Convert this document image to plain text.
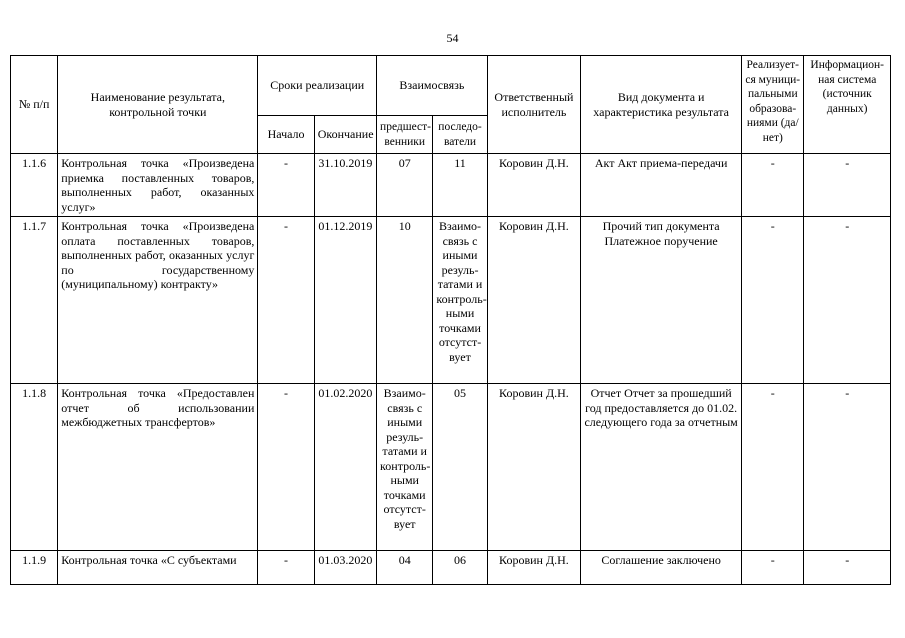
54
№ п/п	Наименование результата, контрольной точки	Сроки реализации		Взаимосвязь		Ответственный исполнитель	Вид документа и характеристика результата	Реализует-ся муници-пальными образова-ниями (да/нет)	Информацион-ная система (источник данных)
		Начало	Окончание	предшест-венники	последо-ватели				
1.1.6	Контрольная точка «Произведена приемка поставленных товаров, выполненных работ, оказанных услуг»	-	31.10.2019	07	11	Коровин Д.Н.	Акт Акт приема-передачи	-	-
1.1.7	Контрольная точка «Произведена оплата поставленных товаров, выполненных работ, оказанных услуг по государственному (муниципальному) контракту»	-	01.12.2019	10	Взаимо-связь с иными резуль-татами и контроль-ными точками отсутст-вует	Коровин Д.Н.	Прочий тип документа Платежное поручение	-	-
1.1.8	Контрольная точка «Предоставлен отчет об использовании межбюджетных трансфертов»	-	01.02.2020	Взаимо-связь с иными резуль-татами и контроль-ными точками отсутст-вует	05	Коровин Д.Н.	Отчет Отчет за прошедший год предоставляется до 01.02. следующего года за отчетным	-	-
1.1.9	Контрольная точка «С субъектами	-	01.03.2020	04	06	Коровин Д.Н.	Соглашение заключено	-	-
